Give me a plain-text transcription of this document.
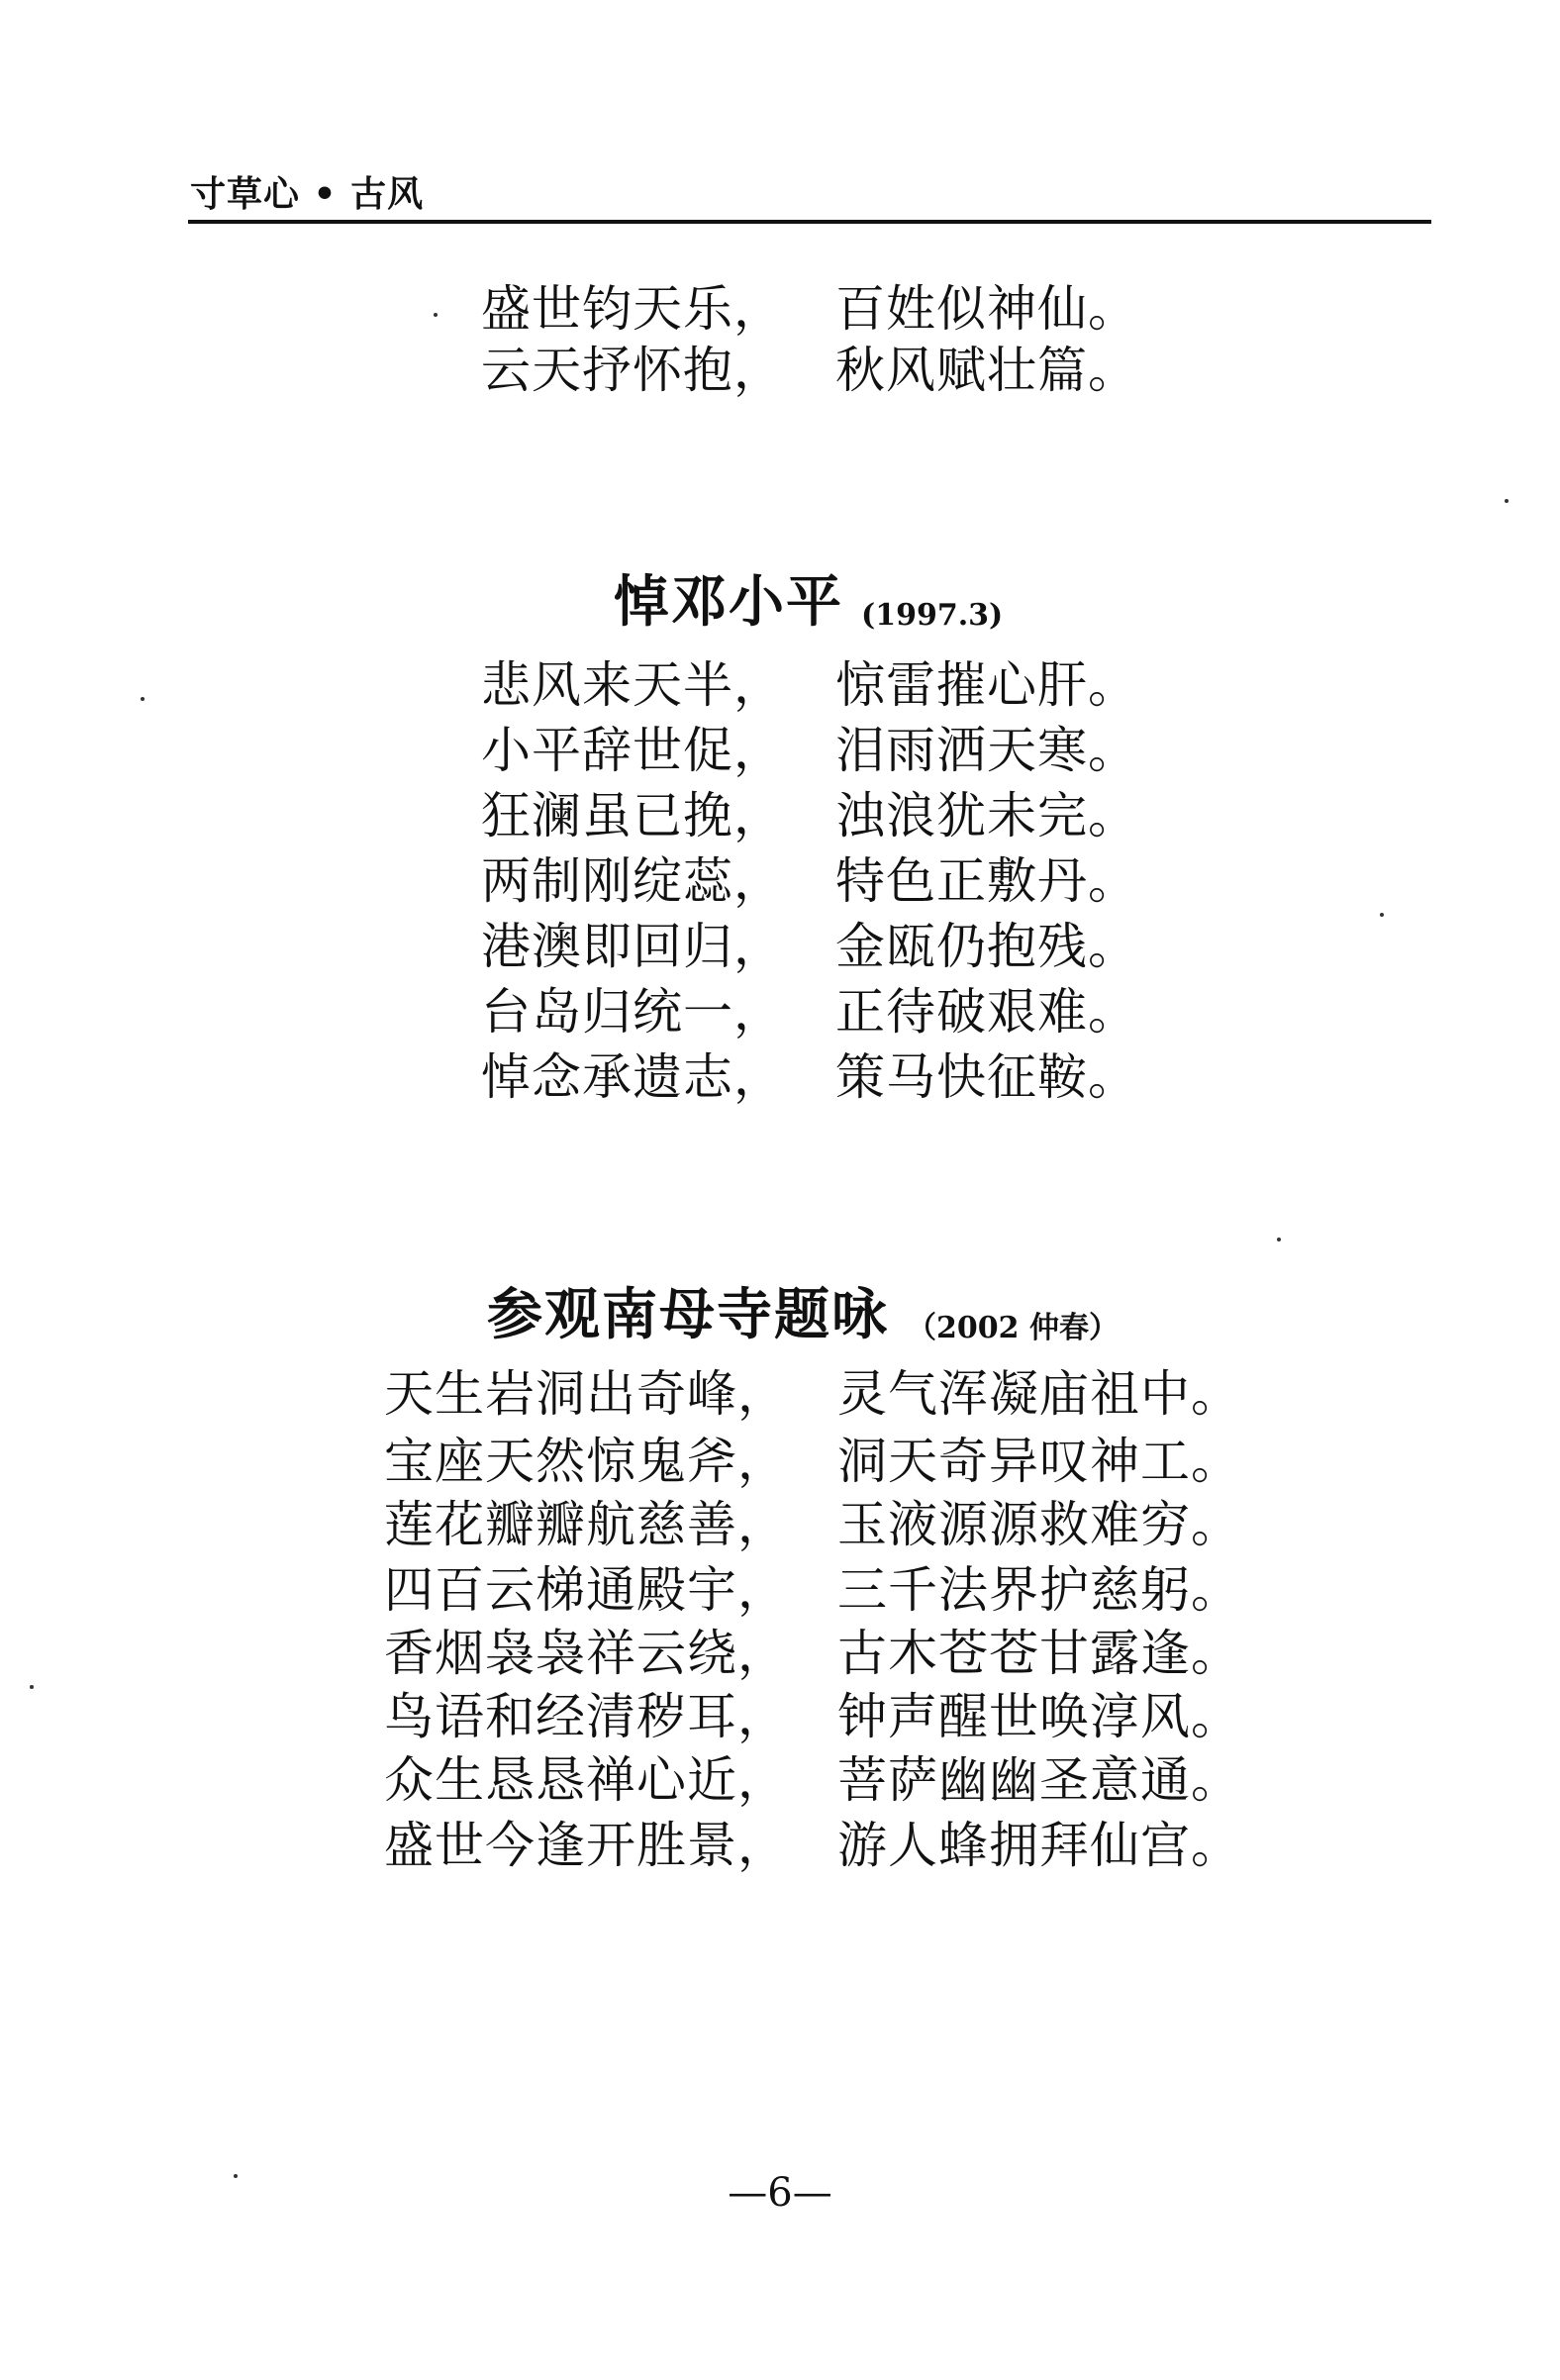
寸草心 • 古风
盛世钧天乐， 百姓似神仙。
云天抒怀抱， 秋风赋壮篇。
悼邓小平 (1997.3)
悲风来天半， 惊雷摧心肝。
小平辞世促， 泪雨洒天寒。
狂澜虽已挽， 浊浪犹未完。
两制刚绽蕊， 特色正敷丹。
港澳即回归， 金瓯仍抱残。
台岛归统一， 正待破艰难。
悼念承遗志， 策马快征鞍。
参观南母寺题咏 （2002 仲春）
天生岩洞出奇峰， 灵气浑凝庙祖中。
宝座天然惊鬼斧， 洞天奇异叹神工。
莲花瓣瓣航慈善， 玉液源源救难穷。
四百云梯通殿宇， 三千法界护慈躬。
香烟袅袅祥云绕， 古木苍苍甘露逢。
鸟语和经清秽耳， 钟声醒世唤淳风。
众生恳恳禅心近， 菩萨幽幽圣意通。
盛世今逢开胜景， 游人蜂拥拜仙宫。
—6—
